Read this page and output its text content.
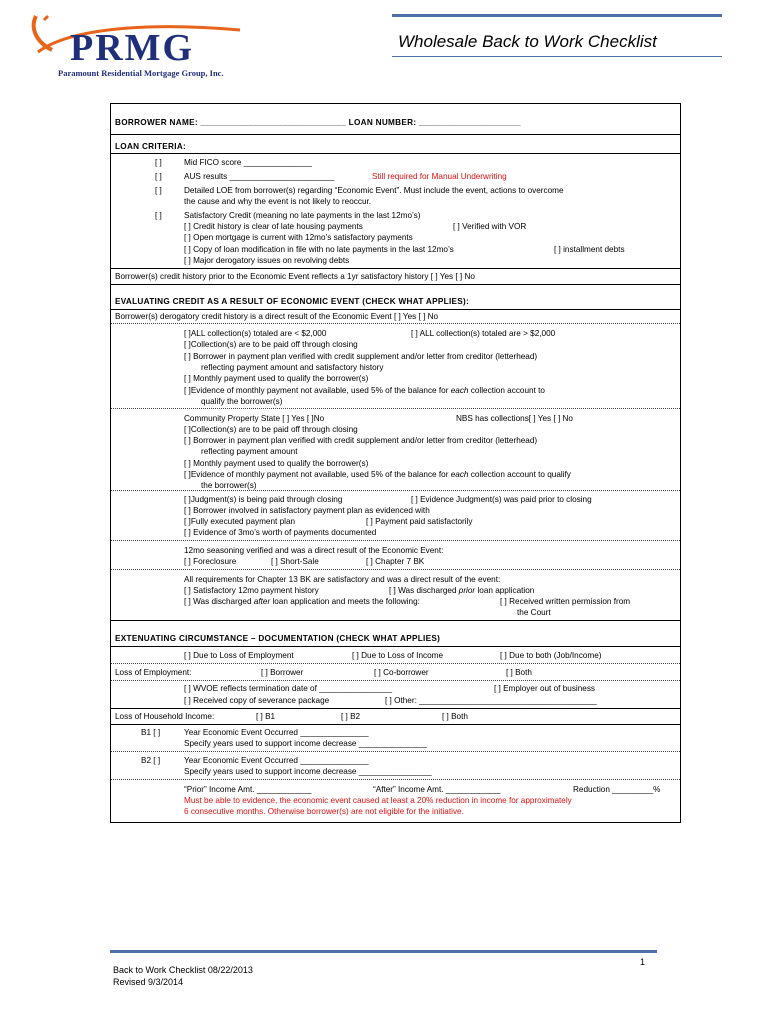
PRMG
Paramount Residential Mortgage Group, Inc.
Wholesale Back to Work Checklist
BORROWER NAME: ______________________________ LOAN NUMBER: _____________________
LOAN CRITERIA:
[ ]	Mid FICO score _______________
[ ]	AUS results _______________________	Still required for Manual Underwriting
[ ]	Detailed LOE from borrower(s) regarding “Economic Event”. Must include the event, actions to overcome
the cause and why the event is not likely to reoccur.
[ ]	Satisfactory Credit (meaning no late payments in the last 12mo’s)
[ ] Credit history is clear of late housing payments	[ ] Verified with VOR
[ ] Open mortgage is current with 12mo’s satisfactory payments
[ ] Copy of loan modification in file with no late payments in the last 12mo’s	[ ] installment debts
[ ] Major derogatory issues on revolving debts
Borrower(s) credit history prior to the Economic Event reflects a 1yr satisfactory history [ ] Yes [ ] No
EVALUATING CREDIT AS A RESULT OF ECONOMIC EVENT (CHECK WHAT APPLIES):
Borrower(s) derogatory credit history is a direct result of the Economic Event [ ] Yes [ ] No
[ ]ALL collection(s) totaled are < $2,000	[ ] ALL collection(s) totaled are > $2,000
[ ]Collection(s) are to be paid off through closing
[ ] Borrower in payment plan verified with credit supplement and/or letter from creditor (letterhead)
reflecting payment amount and satisfactory history
[ ] Monthly payment used to qualify the borrower(s)
[ ]Evidence of monthly payment not available, used 5% of the balance for each collection account to
qualify the borrower(s)
Community Property State [ ] Yes [ ]No	NBS has collections[ ] Yes [ ] No
[ ]Collection(s) are to be paid off through closing
[ ] Borrower in payment plan verified with credit supplement and/or letter from creditor (letterhead)
reflecting payment amount
[ ] Monthly payment used to qualify the borrower(s)
[ ]Evidence of monthly payment not available, used 5% of the balance for each collection account to qualify
the borrower(s)
[ ]Judgment(s) is being paid through closing	[ ] Evidence Judgment(s) was paid prior to closing
[ ] Borrower involved in satisfactory payment plan as evidenced with
[ ]Fully executed payment plan	[ ] Payment paid satisfactorily
[ ] Evidence of 3mo’s worth of payments documented
12mo seasoning verified and was a direct result of the Economic Event:
[ ] Foreclosure	[ ] Short-Sale	[ ] Chapter 7 BK
All requirements for Chapter 13 BK are satisfactory and was a direct result of the event:
[ ] Satisfactory 12mo payment history	[ ] Was discharged prior loan application
[ ] Was discharged after loan application and meets the following:	[ ] Received written permission from
the Court
EXTENUATING CIRCUMSTANCE – DOCUMENTATION (CHECK WHAT APPLIES)
[ ] Due to Loss of Employment	[ ] Due to Loss of Income	[ ] Due to both (Job/Income)
Loss of Employment:	[ ] Borrower	[ ] Co-borrower	[ ] Both
[ ] WVOE reflects termination date of ________________	[ ] Employer out of business
[ ] Received copy of severance package	[ ] Other: _______________________________________
Loss of Household Income:	[ ] B1	[ ] B2	[ ] Both
B1 [ ]	Year Economic Event Occurred _______________
Specify years used to support income decrease _______________
B2 [ ]	Year Economic Event Occurred _______________
Specify years used to support income decrease ________________
“Prior” Income Amt. ____________	“After” Income Amt. ____________	Reduction _________%
Must be able to evidence, the economic event caused at least a 20% reduction in income for approximately
6 consecutive months. Otherwise borrower(s) are not eligible for the initiative.
1
Back to Work Checklist 08/22/2013
Revised 9/3/2014
